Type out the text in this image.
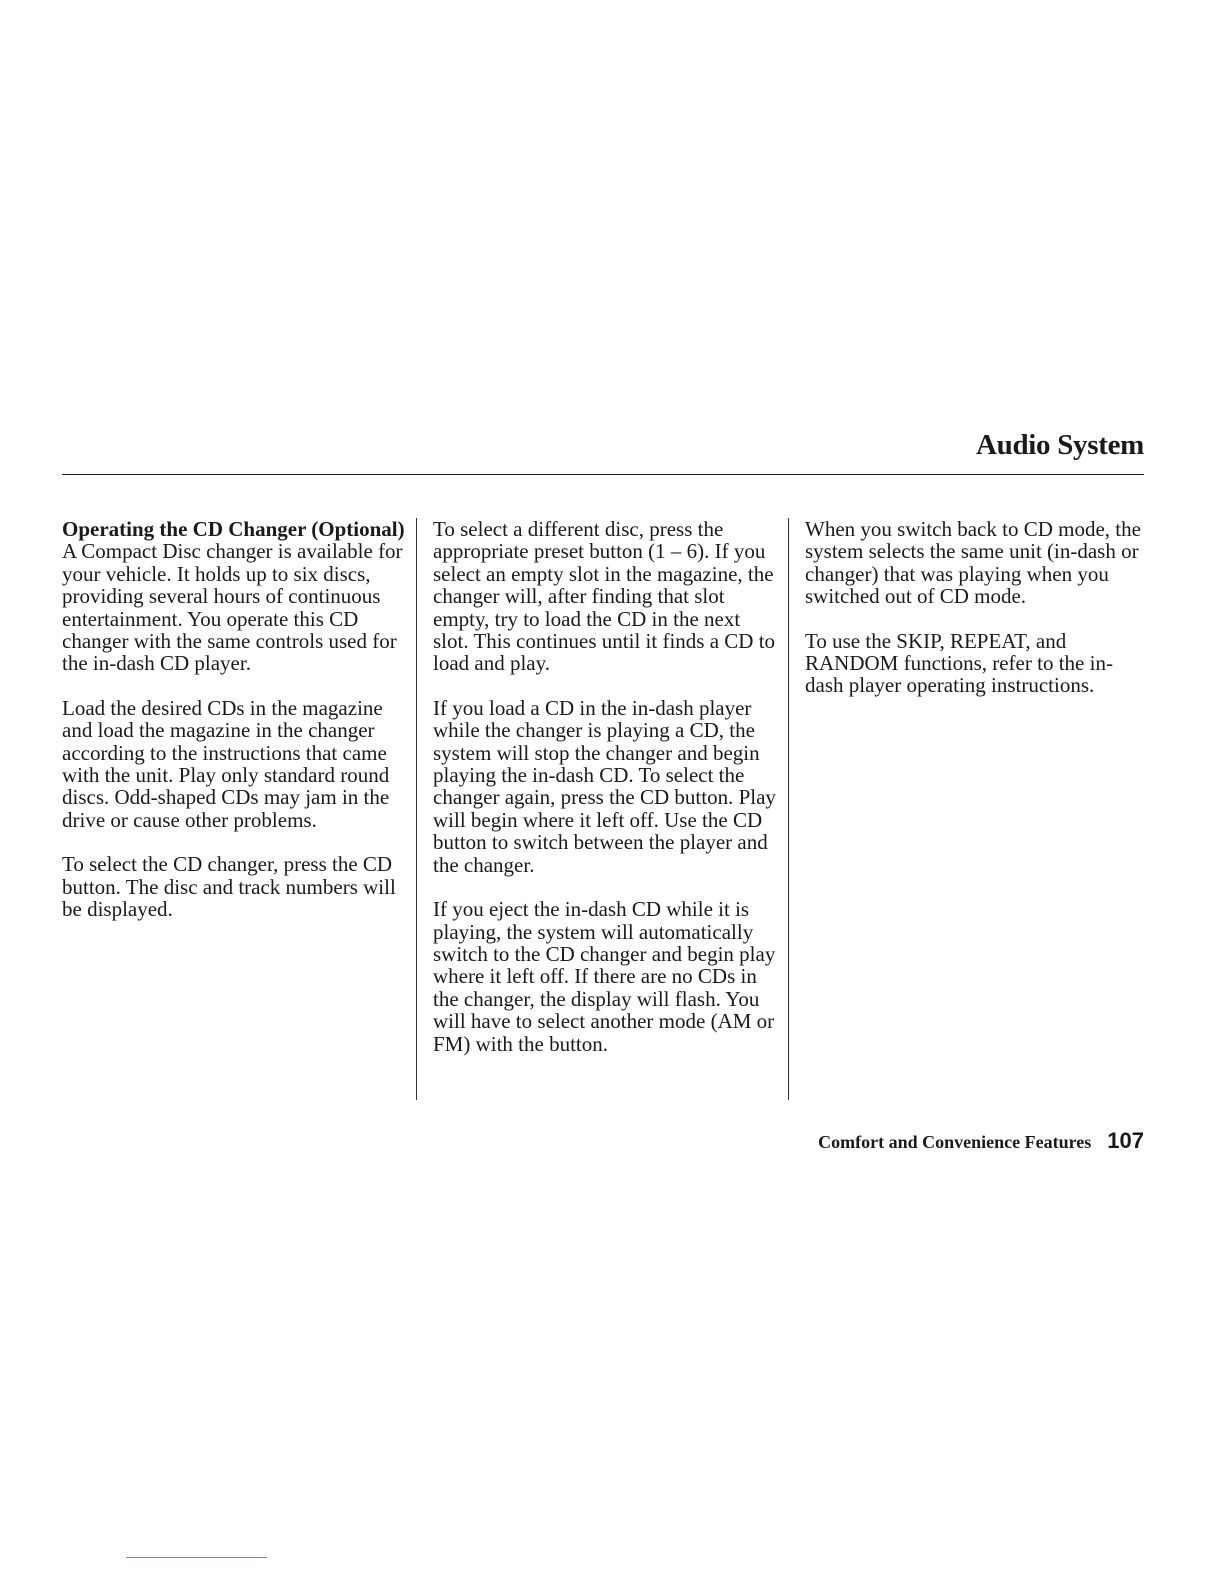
Audio System
Operating the CD Changer (Optional)

A Compact Disc changer is available for your vehicle. It holds up to six discs, providing several hours of continuous entertainment. You operate this CD changer with the same controls used for the in-dash CD player.

Load the desired CDs in the magazine and load the magazine in the changer according to the instructions that came with the unit. Play only standard round discs. Odd-shaped CDs may jam in the drive or cause other problems.

To select the CD changer, press the CD button. The disc and track numbers will be displayed.

To select a different disc, press the appropriate preset button (1 – 6). If you select an empty slot in the magazine, the changer will, after finding that slot empty, try to load the CD in the next slot. This continues until it finds a CD to load and play.

If you load a CD in the in-dash player while the changer is playing a CD, the system will stop the changer and begin playing the in-dash CD. To select the changer again, press the CD button. Play will begin where it left off. Use the CD button to switch between the player and the changer.

If you eject the in-dash CD while it is playing, the system will automatically switch to the CD changer and begin play where it left off. If there are no CDs in the changer, the display will flash. You will have to select another mode (AM or FM) with the button.

When you switch back to CD mode, the system selects the same unit (in-dash or changer) that was playing when you switched out of CD mode.

To use the SKIP, REPEAT, and RANDOM functions, refer to the in-dash player operating instructions.

Comfort and Convenience Features 107
